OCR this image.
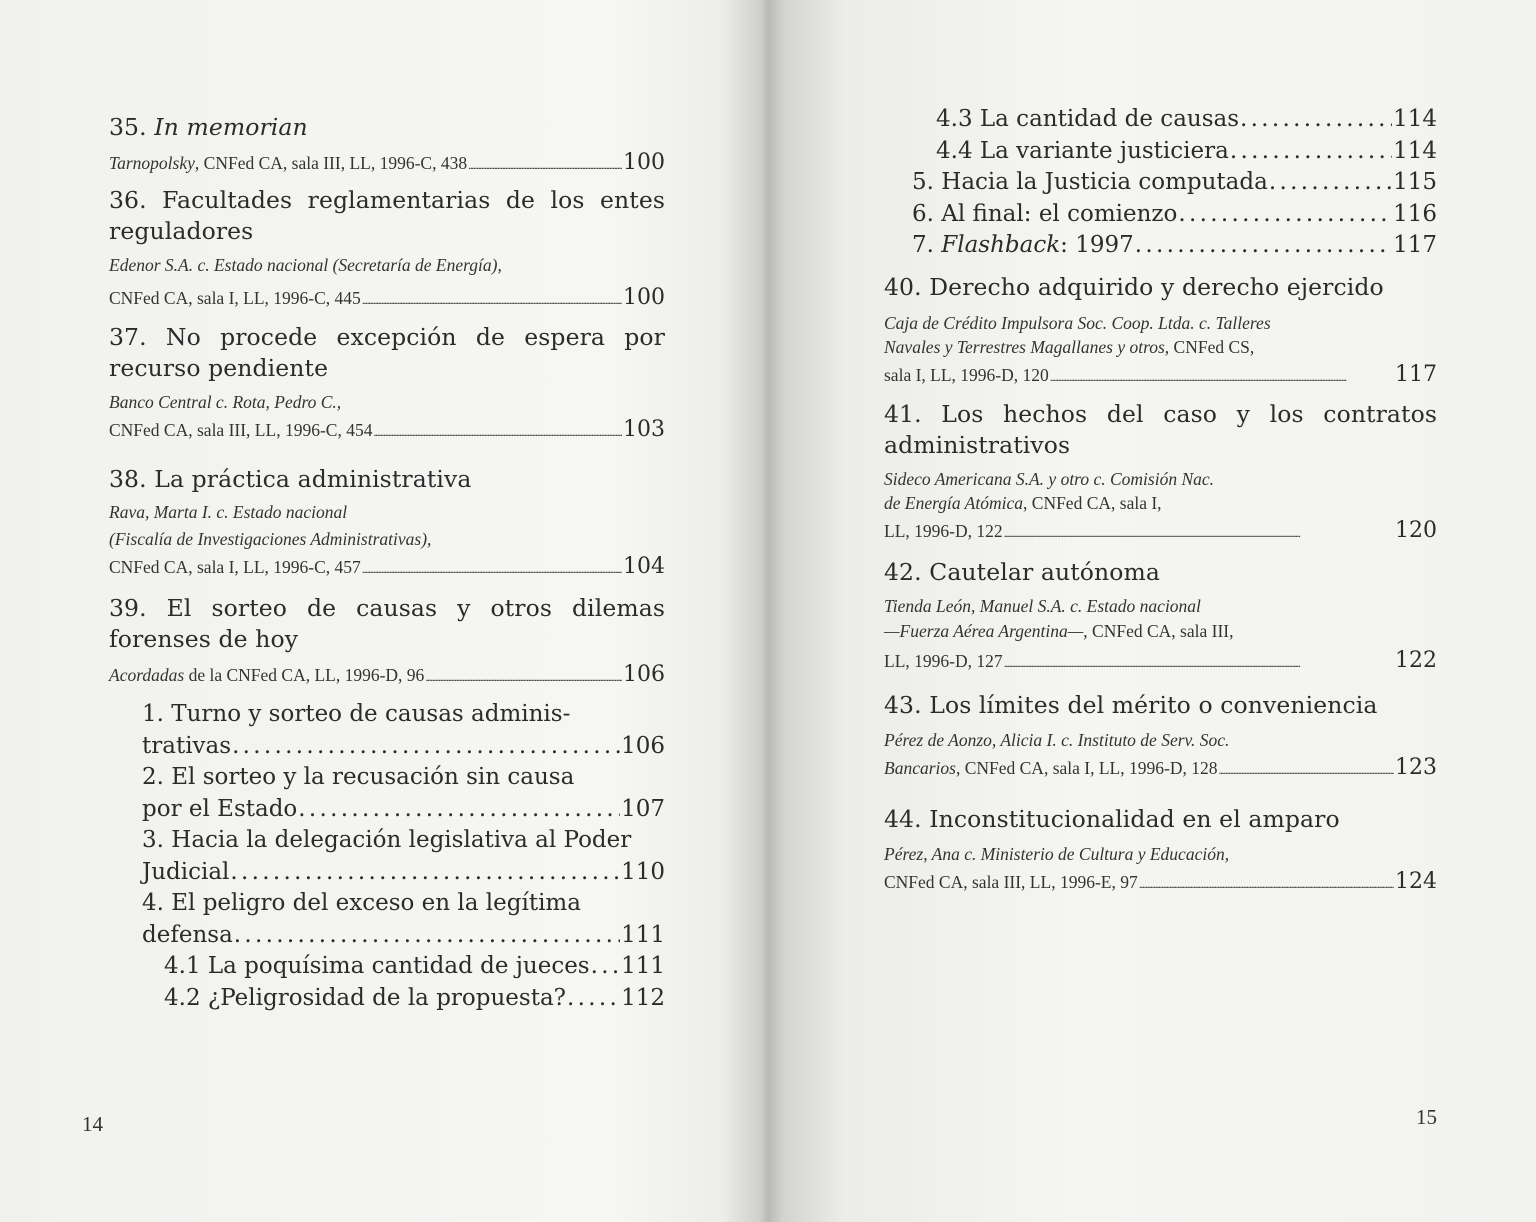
35. In memorian

Tarnopolsky, CNFed CA, sala III, LL, 1996-C, 438 . . .	100

36. Facultades reglamentarias de los entes reguladores

Edenor S.A. c. Estado nacional (Secretaría de Energía),
CNFed CA, sala I, LL, 1996-C, 445 . . .	100

37. No procede excepción de espera por recurso pendiente

Banco Central c. Rota, Pedro C.,
CNFed CA, sala III, LL, 1996-C, 454 . . .	103

38. La práctica administrativa

Rava, Marta I. c. Estado nacional
(Fiscalía de Investigaciones Administrativas),
CNFed CA, sala I, LL, 1996-C, 457 . . .	104

39. El sorteo de causas y otros dilemas forenses de hoy

Acordadas de la CNFed CA, LL, 1996-D, 96 . . .	106
1. Turno y sorteo de causas adminis-
trativas . . .	106
2. El sorteo y la recusación sin causa
por el Estado . . .	107
3. Hacia la delegación legislativa al Poder
Judicial . . .	110
4. El peligro del exceso en la legítima
defensa . . .	111
4.1 La poquísima cantidad de jueces . . . 111
4.2 ¿Peligrosidad de la propuesta? . . . 112
14
4.3 La cantidad de causas . . .	114
4.4 La variante justiciera . . .	114
5. Hacia la Justicia computada . . .	115
6. Al final: el comienzo . . .	116
7. Flashback: 1997 . . .	117

40. Derecho adquirido y derecho ejercido

Caja de Crédito Impulsora Soc. Coop. Ltda. c. Talleres
Navales y Terrestres Magallanes y otros, CNFed CS,
sala I, LL, 1996-D, 120 . . .	117

41. Los hechos del caso y los contratos administrativos

Sideco Americana S.A. y otro c. Comisión Nac.
de Energía Atómica, CNFed CA, sala I,
LL, 1996-D, 122 . . .	120

42. Cautelar autónoma

Tienda León, Manuel S.A. c. Estado nacional
—Fuerza Aérea Argentina—, CNFed CA, sala III,
LL, 1996-D, 127 . . .	122

43. Los límites del mérito o conveniencia

Pérez de Aonzo, Alicia I. c. Instituto de Serv. Soc.
Bancarios, CNFed CA, sala I, LL, 1996-D, 128 . . .	123

44. Inconstitucionalidad en el amparo

Pérez, Ana c. Ministerio de Cultura y Educación,
CNFed CA, sala III, LL, 1996-E, 97 . . .	124
15
